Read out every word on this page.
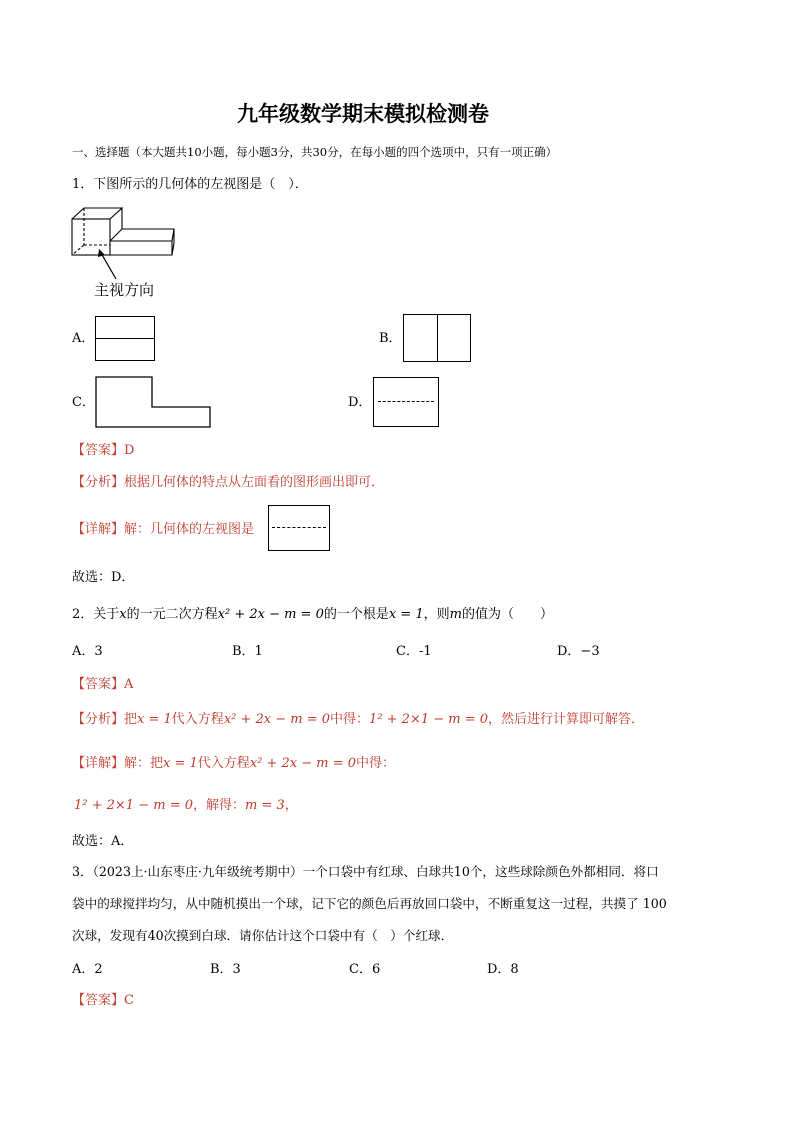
九年级数学期末模拟检测卷
一、选择题（本大题共10小题，每小题3分，共30分，在每小题的四个选项中，只有一项正确）
1．下图所示的几何体的左视图是（　）．
主视方向
A．	B．
C．	D．
【答案】D
【分析】根据几何体的特点从左面看的图形画出即可．
【详解】解：几何体的左视图是
故选：D．
2．关于x的一元二次方程x² + 2x − m = 0的一个根是x = 1，则m的值为（　　）
A．3	B．1	C．-1	D．−3
【答案】A
【分析】把x = 1代入方程x² + 2x − m = 0中得：1² + 2×1 − m = 0，然后进行计算即可解答．
【详解】解：把x = 1代入方程x² + 2x − m = 0中得：
1² + 2×1 − m = 0，解得：m = 3，
故选：A．
3．（2023上·山东枣庄·九年级统考期中）一个口袋中有红球、白球共10个，这些球除颜色外都相同．将口
袋中的球搅拌均匀，从中随机摸出一个球，记下它的颜色后再放回口袋中，不断重复这一过程，共摸了 100
次球，发现有40次摸到白球．请你估计这个口袋中有（　）个红球．
A．2	B．3	C．6	D．8
【答案】C
